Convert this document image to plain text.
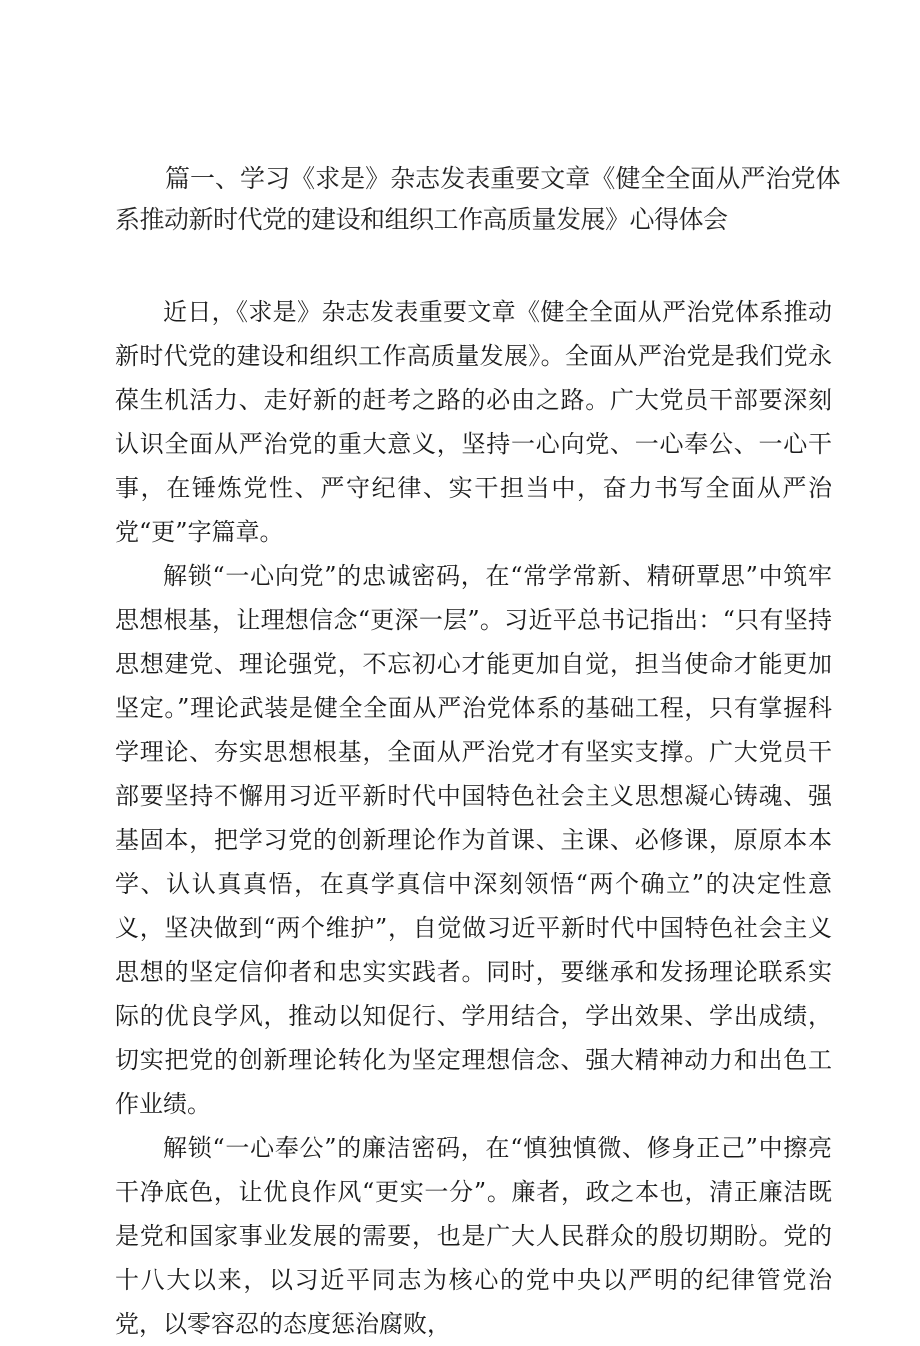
篇一、学习《求是》杂志发表重要文章《健全全面从严治党体系推动新时代党的建设和组织工作高质量发展》心得体会

近日，《求是》杂志发表重要文章《健全全面从严治党体系推动新时代党的建设和组织工作高质量发展》。全面从严治党是我们党永葆生机活力、走好新的赶考之路的必由之路。广大党员干部要深刻认识全面从严治党的重大意义，坚持一心向党、一心奉公、一心干事，在锤炼党性、严守纪律、实干担当中，奋力书写全面从严治党“更”字篇章。

解锁“一心向党”的忠诚密码，在“常学常新、精研覃思”中筑牢思想根基，让理想信念“更深一层”。习近平总书记指出：“只有坚持思想建党、理论强党，不忘初心才能更加自觉，担当使命才能更加坚定。”理论武装是健全全面从严治党体系的基础工程，只有掌握科学理论、夯实思想根基，全面从严治党才有坚实支撑。广大党员干部要坚持不懈用习近平新时代中国特色社会主义思想凝心铸魂、强基固本，把学习党的创新理论作为首课、主课、必修课，原原本本学、认认真真悟，在真学真信中深刻领悟“两个确立”的决定性意义，坚决做到“两个维护”，自觉做习近平新时代中国特色社会主义思想的坚定信仰者和忠实实践者。同时，要继承和发扬理论联系实际的优良学风，推动以知促行、学用结合，学出效果、学出成绩，切实把党的创新理论转化为坚定理想信念、强大精神动力和出色工作业绩。

解锁“一心奉公”的廉洁密码，在“慎独慎微、修身正己”中擦亮干净底色，让优良作风“更实一分”。廉者，政之本也，清正廉洁既是党和国家事业发展的需要，也是广大人民群众的殷切期盼。党的十八大以来，以习近平同志为核心的党中央以严明的纪律管党治党，以零容忍的态度惩治腐败，
